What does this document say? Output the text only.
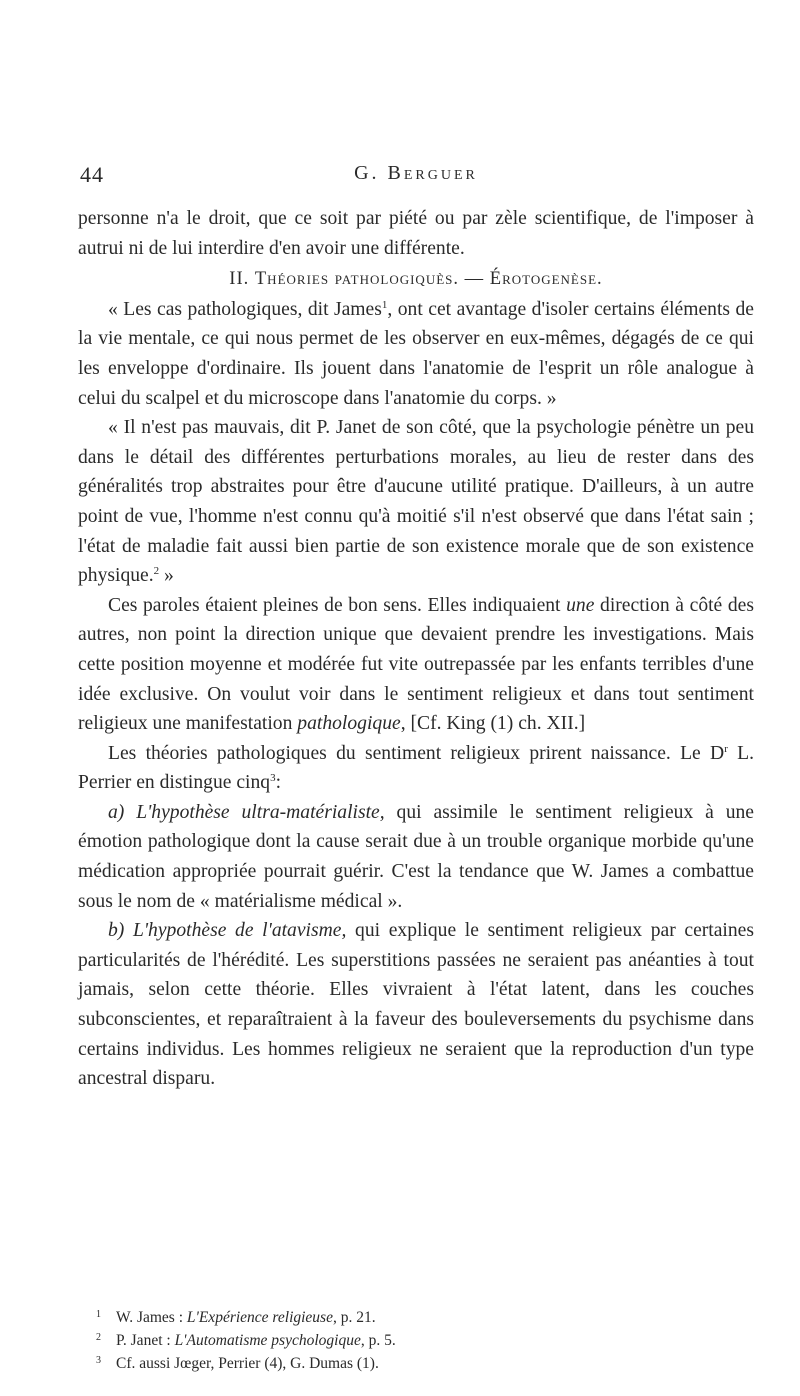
44	G. Berguer

personne n'a le droit, que ce soit par piété ou par zèle scientifique, de l'imposer à autrui ni de lui interdire d'en avoir une différente.

II. Théories pathologiquès. — Érotogenèse.

« Les cas pathologiques, dit James$^1$, ont cet avantage d'isoler certains éléments de la vie mentale, ce qui nous permet de les observer en eux-mêmes, dégagés de ce qui les enveloppe d'ordinaire. Ils jouent dans l'anatomie de l'esprit un rôle analogue à celui du scalpel et du microscope dans l'anatomie du corps. »

« Il n'est pas mauvais, dit P. Janet de son côté, que la psychologie pénètre un peu dans le détail des différentes perturbations morales, au lieu de rester dans des généralités trop abstraites pour être d'aucune utilité pratique. D'ailleurs, à un autre point de vue, l'homme n'est connu qu'à moitié s'il n'est observé que dans l'état sain ; l'état de maladie fait aussi bien partie de son existence morale que de son existence physique.$^2$ »

Ces paroles étaient pleines de bon sens. Elles indiquaient une direction à côté des autres, non point la direction unique que devaient prendre les investigations. Mais cette position moyenne et modérée fut vite outrepassée par les enfants terribles d'une idée exclusive. On voulut voir dans le sentiment religieux et dans tout sentiment religieux une manifestation pathologique, [Cf. King (1) ch. XII.]

Les théories pathologiques du sentiment religieux prirent naissance. Le $D^r$ L. Perrier en distingue cinq$^3$:

a) L'hypothèse ultra-matérialiste, qui assimile le sentiment religieux à une émotion pathologique dont la cause serait due à un trouble organique morbide qu'une médication appropriée pourrait guérir. C'est la tendance que W. James a combattue sous le nom de « matérialisme médical ».

b) L'hypothèse de l'atavisme, qui explique le sentiment religieux par certaines particularités de l'hérédité. Les superstitions passées ne seraient pas anéanties à tout jamais, selon cette théorie. Elles vivraient à l'état latent, dans les couches subconscientes, et reparaîtraient à la faveur des bouleversements du psychisme dans certains individus. Les hommes religieux ne seraient que la reproduction d'un type ancestral disparu.

1 W. James : L'Expérience religieuse, p. 21.

2 P. Janet : L'Automatisme psychologique, p. 5.

3 Cf. aussi Jœger, Perrier (4), G. Dumas (1).
